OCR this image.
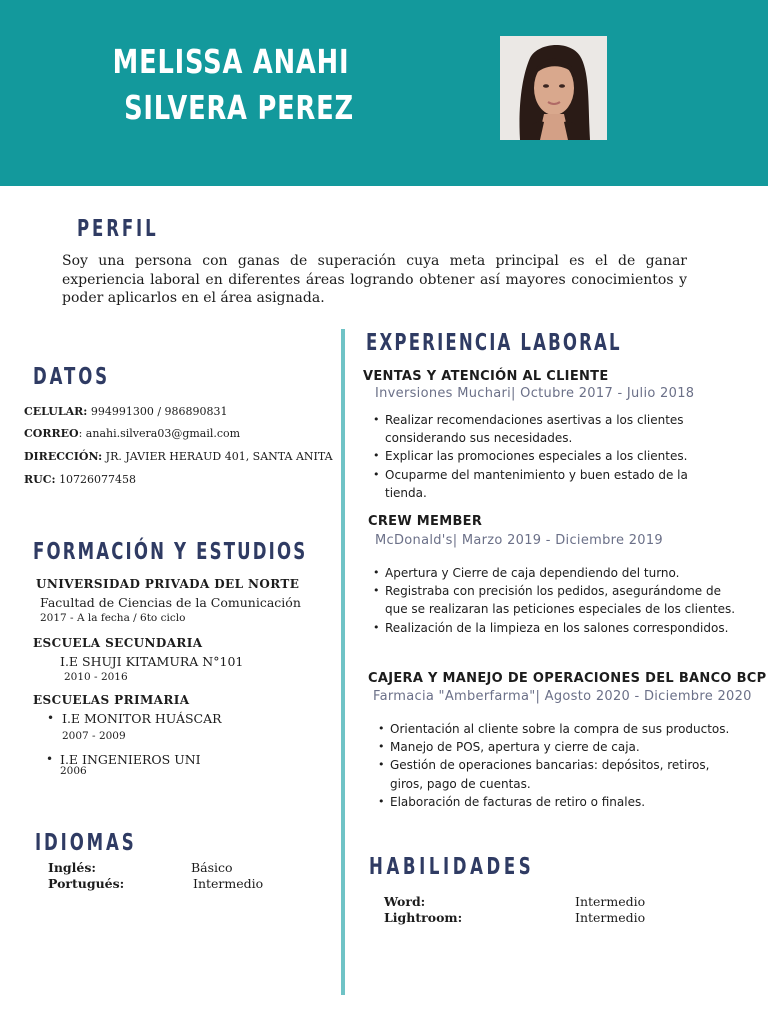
MELISSA ANAHI
SILVERA PEREZ
PERFIL

Soy una persona con ganas de superación cuya meta principal es el de ganar experiencia laboral en diferentes áreas logrando obtener así mayores conocimientos y poder aplicarlos en el área asignada.

DATOS
CELULAR: 994991300 / 986890831
CORREO: anahi.silvera03@gmail.com
DIRECCIÓN: JR. JAVIER HERAUD 401, SANTA ANITA
RUC: 10726077458
FORMACIÓN Y ESTUDIOS
UNIVERSIDAD PRIVADA DEL NORTE
Facultad de Ciencias de la Comunicación
2017 - A la fecha / 6to ciclo
ESCUELA SECUNDARIA
I.E SHUJI KITAMURA N°101
2010 - 2016
ESCUELAS PRIMARIA
• I.E MONITOR HUÁSCAR
2007 - 2009
• I.E INGENIEROS UNI
2006
IDIOMAS
Inglés:	Básico
Portugués:	Intermedio
EXPERIENCIA LABORAL
VENTAS Y ATENCIÓN AL CLIENTE
Inversiones Muchari| Octubre 2017 - Julio 2018
• Realizar recomendaciones asertivas a los clientes considerando sus necesidades.
• Explicar las promociones especiales a los clientes.
• Ocuparme del mantenimiento y buen estado de la tienda.
CREW MEMBER
McDonald's| Marzo 2019 - Diciembre 2019
• Apertura y Cierre de caja dependiendo del turno.
• Registraba con precisión los pedidos, asegurándome de que se realizaran las peticiones especiales de los clientes.
• Realización de la limpieza en los salones correspondidos.
CAJERA Y MANEJO DE OPERACIONES DEL BANCO BCP
Farmacia "Amberfarma"| Agosto 2020 - Diciembre 2020
• Orientación al cliente sobre la compra de sus productos.
• Manejo de POS, apertura y cierre de caja.
• Gestión de operaciones bancarias: depósitos, retiros, giros, pago de cuentas.
• Elaboración de facturas de retiro o finales.
HABILIDADES
Word:	Intermedio
Lightroom:	Intermedio
